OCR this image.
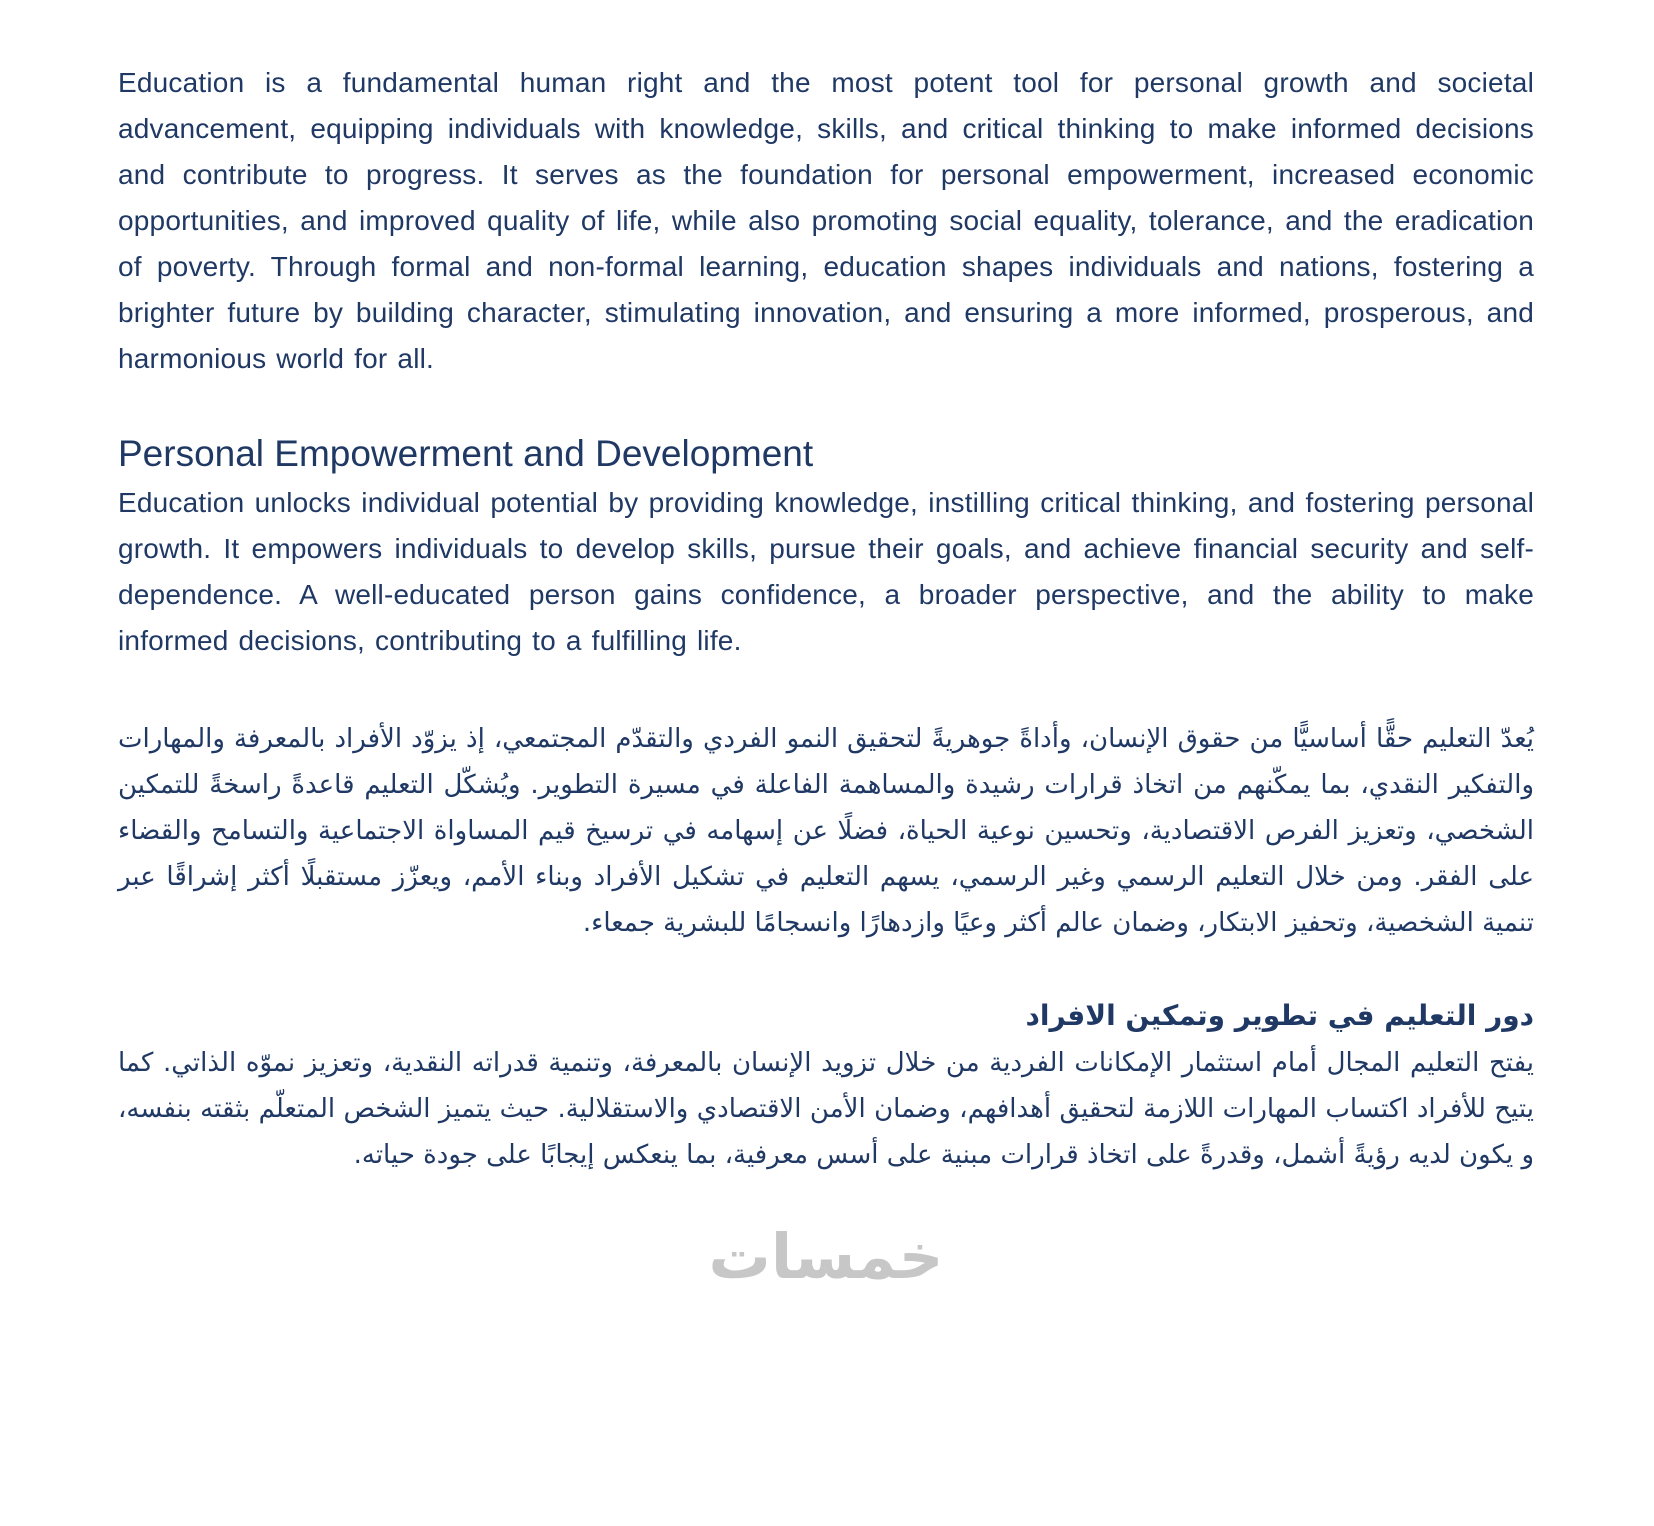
Education is a fundamental human right and the most potent tool for personal growth and societal advancement, equipping individuals with knowledge, skills, and critical thinking to make informed decisions and contribute to progress. It serves as the foundation for personal empowerment, increased economic opportunities, and improved quality of life, while also promoting social equality, tolerance, and the eradication of poverty. Through formal and non-formal learning, education shapes individuals and nations, fostering a brighter future by building character, stimulating innovation, and ensuring a more informed, prosperous, and harmonious world for all.

Personal Empowerment and Development

Education unlocks individual potential by providing knowledge, instilling critical thinking, and fostering personal growth. It empowers individuals to develop skills, pursue their goals, and achieve financial security and self-dependence. A well-educated person gains confidence, a broader perspective, and the ability to make informed decisions, contributing to a fulfilling life.

يُعدّ التعليم حقًّا أساسيًّا من حقوق الإنسان، وأداةً جوهريةً لتحقيق النمو الفردي والتقدّم المجتمعي، إذ يزوّد الأفراد بالمعرفة والمهارات والتفكير النقدي، بما يمكّنهم من اتخاذ قرارات رشيدة والمساهمة الفاعلة في مسيرة التطوير. ويُشكّل التعليم قاعدةً راسخةً للتمكين الشخصي، وتعزيز الفرص الاقتصادية، وتحسين نوعية الحياة، فضلًا عن إسهامه في ترسيخ قيم المساواة الاجتماعية والتسامح والقضاء على الفقر. ومن خلال التعليم الرسمي وغير الرسمي، يسهم التعليم في تشكيل الأفراد وبناء الأمم، ويعزّز مستقبلًا أكثر إشراقًا عبر تنمية الشخصية، وتحفيز الابتكار، وضمان عالم أكثر وعيًا وازدهارًا وانسجامًا للبشرية جمعاء.

دور التعليم في تطوير وتمكين الافراد

يفتح التعليم المجال أمام استثمار الإمكانات الفردية من خلال تزويد الإنسان بالمعرفة، وتنمية قدراته النقدية، وتعزيز نموّه الذاتي. كما يتيح للأفراد اكتساب المهارات اللازمة لتحقيق أهدافهم، وضمان الأمن الاقتصادي والاستقلالية. حيث يتميز الشخص المتعلّم بثقته بنفسه، و يكون لديه رؤيةً أشمل، وقدرةً على اتخاذ قرارات مبنية على أسس معرفية، بما ينعكس إيجابًا على جودة حياته.

خمسات
